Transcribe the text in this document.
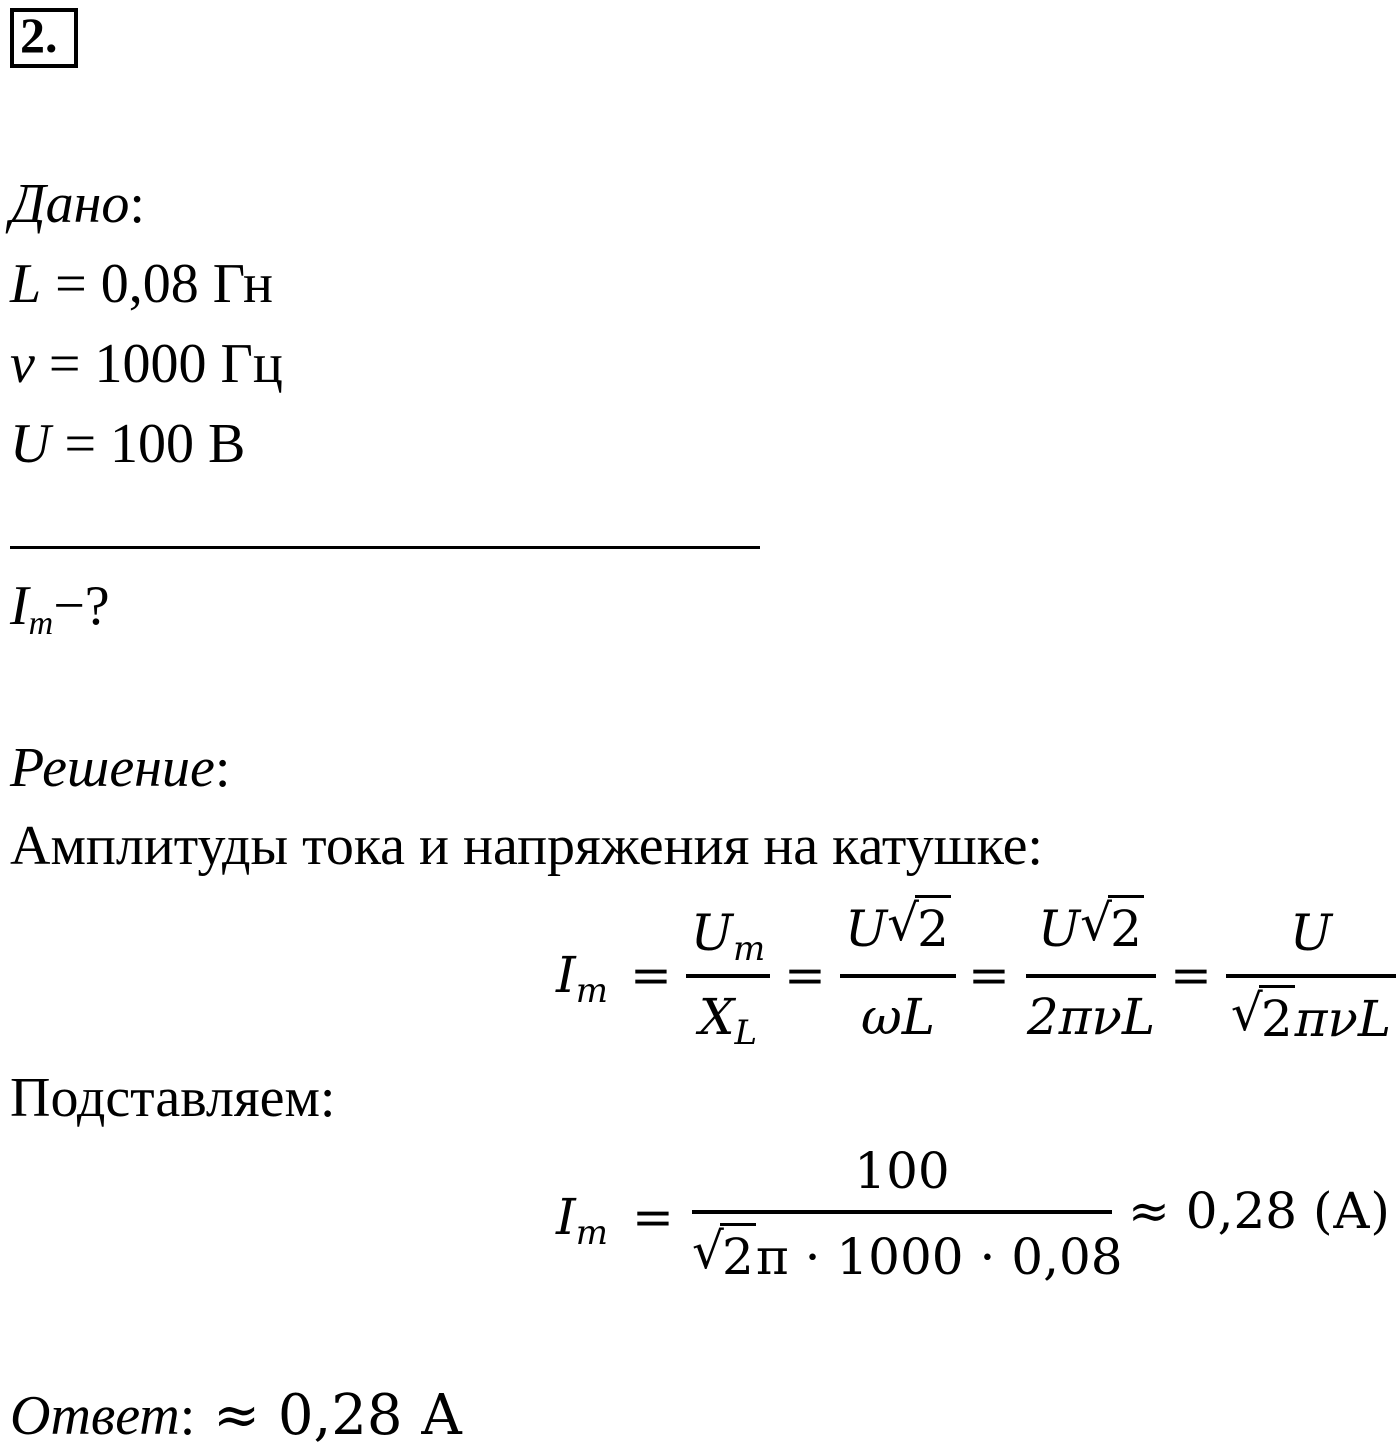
2.
Дано:
L = 0,08 Гн
ν = 1000 Гц
U = 100 В
$I_m-$?
Решение:
Амплитуды тока и напряжения на катушке:
$I_m$ =
$U_m$
$X_L$
=
U √
2
ωL
=
U √
2
2πνL
=
U
√
2πνL
Подставляем:
$I_m$ =
100
√
2π · 1000 · 0,08
≈ 0,28 (А)
Ответ: ≈ 0,28 А
